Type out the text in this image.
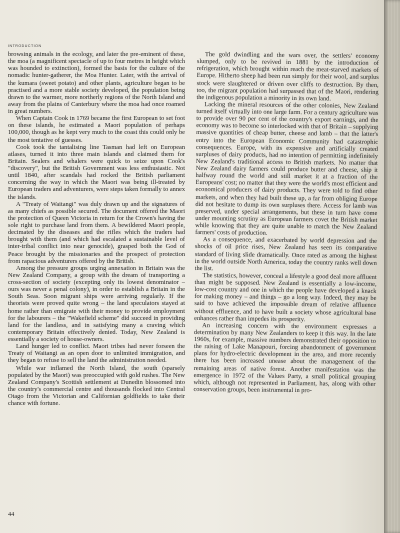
INTRODUCTION

browsing animals in the ecology, and later the pre-eminent of these, the moa (a magnificent spectacle of up to four metres in height which was hounded to extinction), formed the basis for the culture of the nomadic hunter-gatherer, the Moa Hunter. Later, with the arrival of the kumara (sweet potato) and other plants, agriculture began to be practised and a more stable society developed, the population being drawn to the warmer, more northerly regions of the North Island and away from the plains of Canterbury where the moa had once roamed in great numbers.

When Captain Cook in 1769 became the first European to set foot on these islands, he estimated a Maori population of perhaps 100,000, though as he kept very much to the coast this could only be the most tentative of guesses.

Cook took the tantalising line Tasman had left on European atlases, turned it into three main islands and claimed them for Britain. Sealers and whalers were quick to seize upon Cook's "discovery", but the British Government was less enthusiastic. Not until 1840, after scandals had rocked the British parliament concerning the way in which the Maori was being ill-treated by European traders and adventurers, were steps taken formally to annex the islands.

A "Treaty of Waitangi" was duly drawn up and the signatures of as many chiefs as possible secured. The document offered the Maori the protection of Queen Victoria in return for the Crown's having the sole right to purchase land from them. A bewildered Maori people, decimated by the diseases and the rifles which the traders had brought with them (and which had escalated a sustainable level of inter-tribal conflict into near genocide), grasped both the God of Peace brought by the missionaries and the prospect of protection from rapacious adventurers offered by the British.

Among the pressure groups urging annexation in Britain was the New Zealand Company, a group with the dream of transporting a cross-section of society (excepting only its lowest denominator – ours was never a penal colony), in order to establish a Britain in the South Seas. Soon migrant ships were arriving regularly. If the theorists were proved quite wrong – the land speculators stayed at home rather than emigrate with their money to provide employment for the labourers – the "Wakefield scheme" did succeed in providing land for the landless, and in satisfying many a craving which contemporary Britain effectively denied. Today, New Zealand is essentially a society of house-owners.

Land hunger led to conflict. Maori tribes had never forseen the Treaty of Waitangi as an open door to unlimited immigration, and they began to refuse to sell the land the administration needed.

While war inflamed the North Island, the south (sparsely populated by the Maori) was preoccupied with gold rushes. The New Zealand Company's Scottish settlement at Dunedin blossomed into the country's commercial centre and thousands flocked into Central Otago from the Victorian and Californian goldfields to take their chance with fortune.

The gold dwindling and the wars over, the settlers' economy slumped, only to be revived in 1881 by the introduction of refrigeration, which brought within reach the meat-starved markets of Europe. Hitherto sheep had been run simply for their wool, and surplus stock were slaughtered or driven over cliffs to destruction. By then, too, the migrant population had surpassed that of the Maori, rendering the indigenous population a minority in its own land.

Lacking the mineral resources of the other colonies, New Zealand turned itself virtually into one large farm. For a century agriculture was to provide over 90 per cent of the country's export earnings, and the economy was to become so interlocked with that of Britain – supplying massive quantities of cheap butter, cheese and lamb – that the latter's entry into the European Economic Community had catastrophic consequences. Europe, with its expensive and artificially created surpluses of dairy products, had no intention of permitting indefinitely New Zealand's traditional access to British markets. No matter that New Zealand dairy farmers could produce butter and cheese, ship it halfway round the world and still market it at a fraction of the Europeans' cost; no matter that they were the world's most efficient and economical producers of dairy products. They were told to find other markets, and when they had built these up, a far from obliging Europe did not hesitate to dump its own surpluses there. Access for lamb was preserved, under special arrangements, but these in turn have come under mounting scrutiny as European farmers covet the British market while knowing that they are quite unable to match the New Zealand farmers' costs of production.

As a consequence, and exacerbated by world depression and the shocks of oil price rises, New Zealand has seen its comparative standard of living slide dramatically. Once rated as among the highest in the world outside North America, today the country ranks well down the list.

The statistics, however, conceal a lifestyle a good deal more affluent than might be supposed. New Zealand is essentially a low-income, low-cost country and one in which the people have developed a knack for making money – and things – go a long way. Indeed, they may be said to have achieved the impossible dream of relative affluence without effluence, and to have built a society whose agricultural base enhances rather than impedes its prosperity.

An increasing concern with the environment expresses a determination by many New Zealanders to keep it this way. In the late 1960s, for example, massive numbers demonstrated their opposition to the raising of Lake Manapouri, forcing abandonment of government plans for hydro-electric development in the area, and more recently there has been increased unease about the management of the remaining areas of native forest. Another manifestation was the emergence in 1972 of the Values Party, a small political grouping which, although not represented in Parliament, has, along with other conservation groups, been instrumental in pro-

44
